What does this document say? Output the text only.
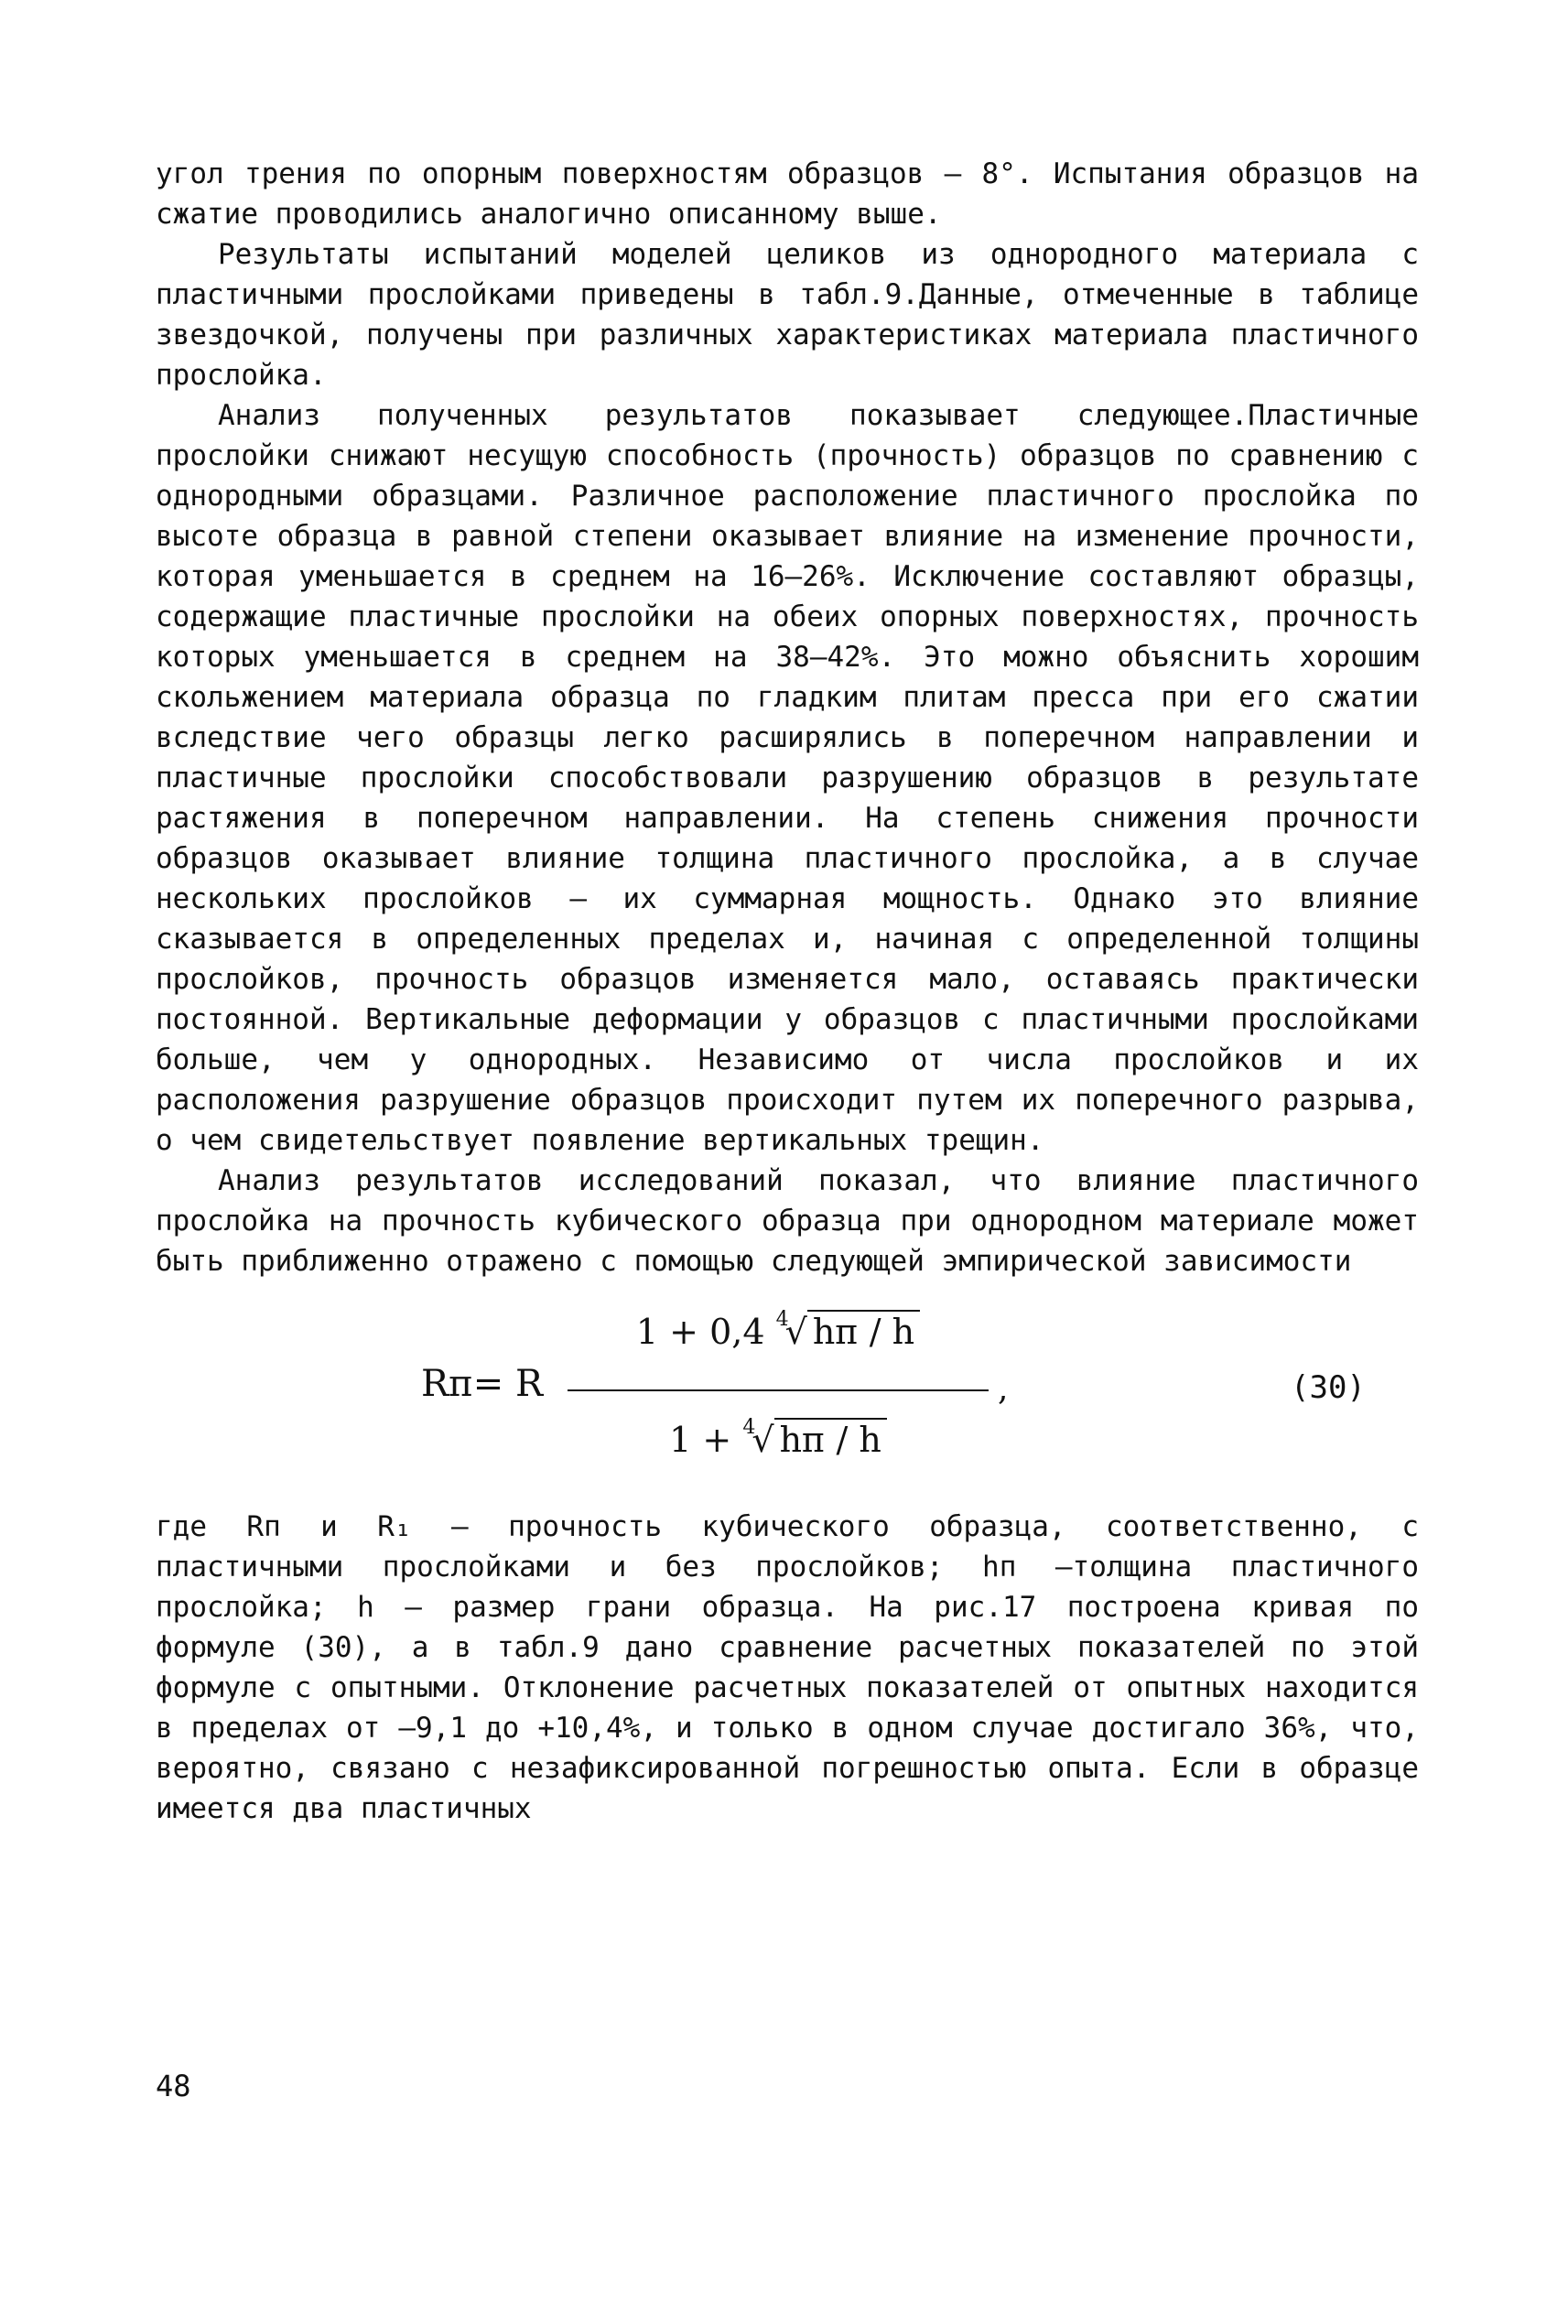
угол трения по опорным поверхностям образцов – 8°. Испытания образцов на сжатие проводились аналогично описанному выше.

Результаты испытаний моделей целиков из однородного материала с пластичными прослойками приведены в табл.9.Данные, отмеченные в таблице звездочкой, получены при различных характеристиках материала пластичного прослойка.

Анализ полученных результатов показывает следующее.Пластичные прослойки снижают несущую способность (прочность) образцов по сравнению с однородными образцами. Различное расположение пластичного прослойка по высоте образца в равной степени оказывает влияние на изменение прочности, которая уменьшается в среднем на 16–26%. Исключение составляют образцы, содержащие пластичные прослойки на обеих опорных поверхностях, прочность которых уменьшается в среднем на 38–42%. Это можно объяснить хорошим скольжением материала образца по гладким плитам пресса при его сжатии вследствие чего образцы легко расширялись в поперечном направлении и пластичные прослойки способствовали разрушению образцов в результате растяжения в поперечном направлении. На степень снижения прочности образцов оказывает влияние толщина пластичного прослойка, а в случае нескольких прослойков – их суммарная мощность. Однако это влияние сказывается в определенных пределах и, начиная с определенной толщины прослойков, прочность образцов изменяется мало, оставаясь практически постоянной. Вертикальные деформации у образцов с пластичными прослойками больше, чем у однородных. Независимо от числа прослойков и их расположения разрушение образцов происходит путем их поперечного разрыва, о чем свидетельствует появление вертикальных трещин.

Анализ результатов исследований показал, что влияние пластичного прослойка на прочность кубического образца при однородном материале может быть приближенно отражено с помощью следующей эмпирической зависимости

Rп= R
1 + 0,4 $^4$√ hп / h
1 + $^4$√ hп / h
,	(30)

где Rп и R₁ – прочность кубического образца, соответственно, с пластичными прослойками и без прослойков; hп –толщина пластичного прослойка; h – размер грани образца. На рис.17 построена кривая по формуле (30), а в табл.9 дано сравнение расчетных показателей по этой формуле с опытными. Отклонение расчетных показателей от опытных находится в пределах от –9,1 до +10,4%, и только в одном случае достигало 36%, что, вероятно, связано с незафиксированной погрешностью опыта. Если в образце имеется два пластичных

48
